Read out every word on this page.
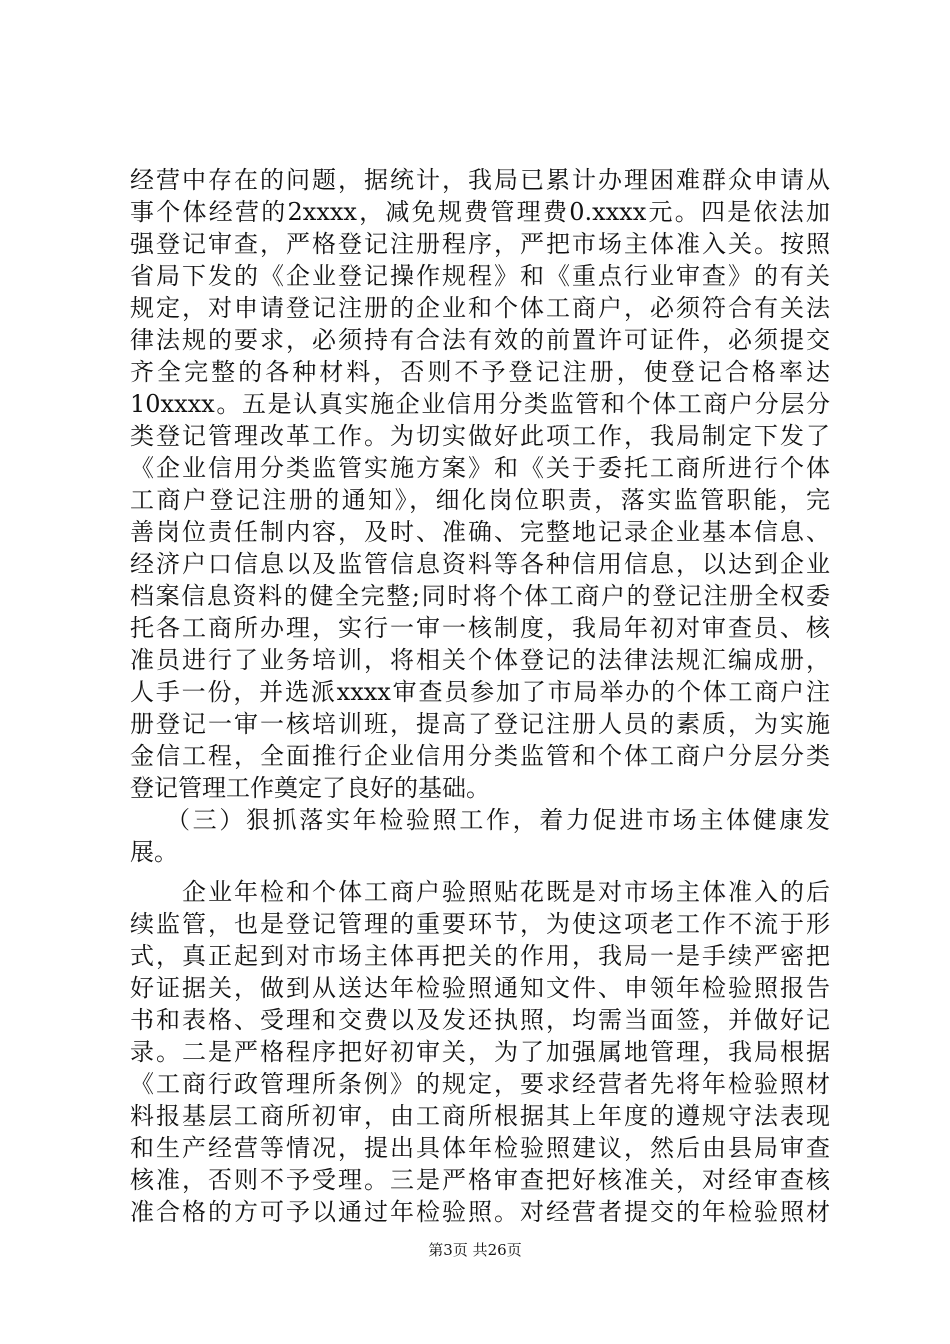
经营中存在的问题，据统计，我局已累计办理困难群众申请从

事个体经营的2xxxx，减免规费管理费0.xxxx元。四是依法加

强登记审查，严格登记注册程序，严把市场主体准入关。按照

省局下发的《企业登记操作规程》和《重点行业审查》的有关

规定，对申请登记注册的企业和个体工商户，必须符合有关法

律法规的要求，必须持有合法有效的前置许可证件，必须提交

齐全完整的各种材料，否则不予登记注册，使登记合格率达

10xxxx。五是认真实施企业信用分类监管和个体工商户分层分

类登记管理改革工作。为切实做好此项工作，我局制定下发了

《企业信用分类监管实施方案》和《关于委托工商所进行个体

工商户登记注册的通知》，细化岗位职责，落实监管职能，完

善岗位责任制内容，及时、准确、完整地记录企业基本信息、

经济户口信息以及监管信息资料等各种信用信息，以达到企业

档案信息资料的健全完整;同时将个体工商户的登记注册全权委

托各工商所办理，实行一审一核制度，我局年初对审查员、核

准员进行了业务培训，将相关个体登记的法律法规汇编成册，

人手一份，并选派xxxx审查员参加了市局举办的个体工商户注

册登记一审一核培训班，提高了登记注册人员的素质，为实施

金信工程，全面推行企业信用分类监管和个体工商户分层分类

登记管理工作奠定了良好的基础。

（三）狠抓落实年检验照工作，着力促进市场主体健康发

展。

企业年检和个体工商户验照贴花既是对市场主体准入的后

续监管，也是登记管理的重要环节，为使这项老工作不流于形

式，真正起到对市场主体再把关的作用，我局一是手续严密把

好证据关，做到从送达年检验照通知文件、申领年检验照报告

书和表格、受理和交费以及发还执照，均需当面签，并做好记

录。二是严格程序把好初审关，为了加强属地管理，我局根据

《工商行政管理所条例》的规定，要求经营者先将年检验照材

料报基层工商所初审，由工商所根据其上年度的遵规守法表现

和生产经营等情况，提出具体年检验照建议，然后由县局审查

核准，否则不予受理。三是严格审查把好核准关，对经审查核

准合格的方可予以通过年检验照。对经营者提交的年检验照材

第3页 共26页
